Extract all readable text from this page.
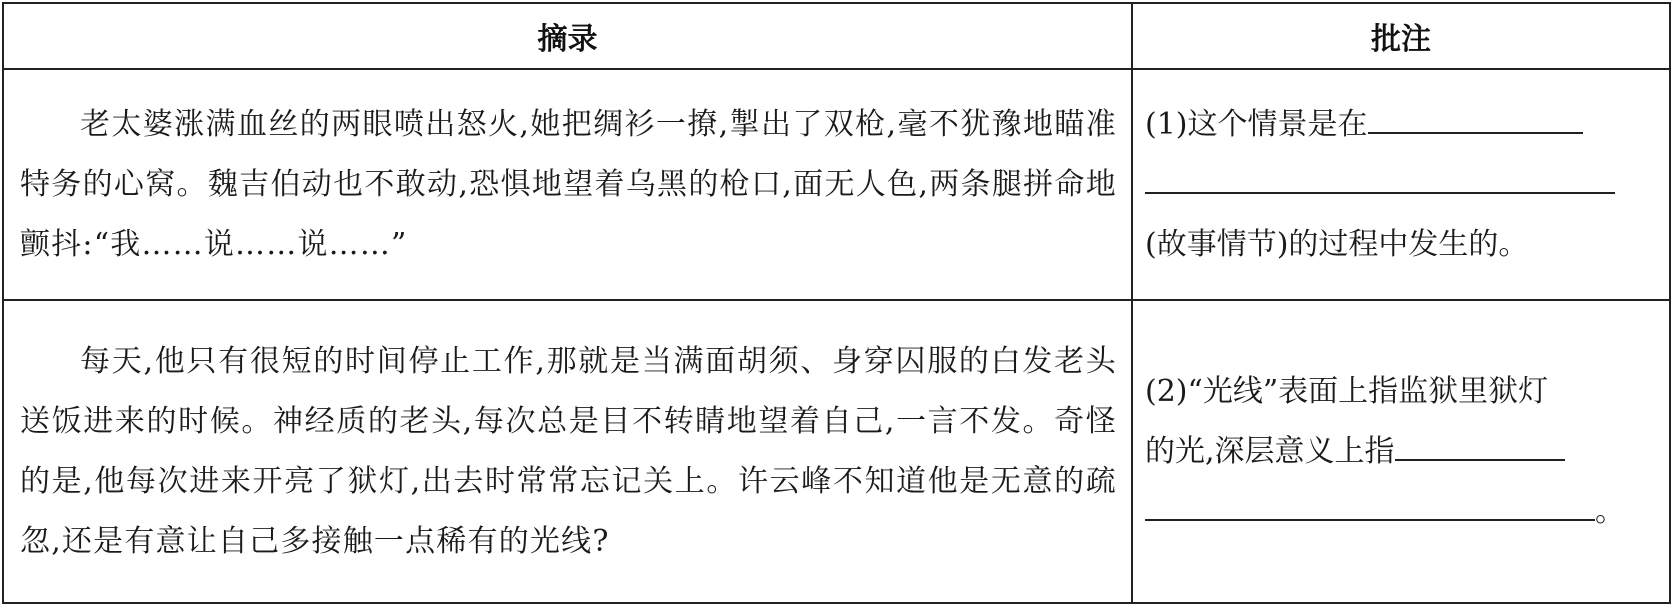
摘录	批注

老太婆涨满血丝的两眼喷出怒火,她把绸衫一撩,掣出了双枪,毫不犹豫地瞄准特务的心窝。魏吉伯动也不敢动,恐惧地望着乌黑的枪口,面无人色,两条腿拼命地颤抖:“我……说……说……”	(1)这个情景是在
(故事情节)的过程中发生的。

每天,他只有很短的时间停止工作,那就是当满面胡须、身穿囚服的白发老头送饭进来的时候。神经质的老头,每次总是目不转睛地望着自己,一言不发。奇怪的是,他每次进来开亮了狱灯,出去时常常忘记关上。许云峰不知道他是无意的疏忽,还是有意让自己多接触一点稀有的光线?	(2)“光线”表面上指监狱里狱灯
的光,深层意义上指
。
